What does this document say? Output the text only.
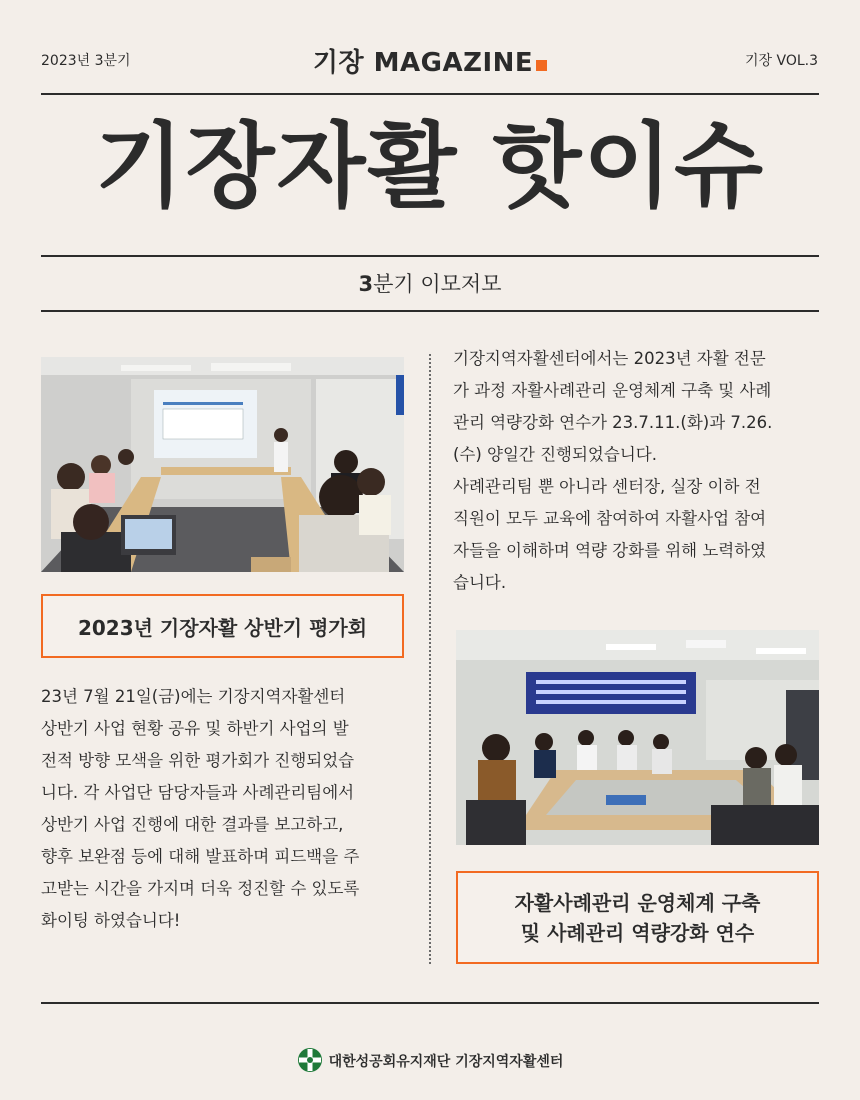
2023년 3분기	기장 MAGAZINE	기장 VOL.3
기장자활 핫이슈
3분기 이모저모
2023년 기장자활 상반기 평가회
23년 7월 21일(금)에는 기장지역자활센터
상반기 사업 현황 공유 및 하반기 사업의 발
전적 방향 모색을 위한 평가회가 진행되었습
니다. 각 사업단 담당자들과 사례관리팀에서
상반기 사업 진행에 대한 결과를 보고하고,
향후 보완점 등에 대해 발표하며 피드백을 주
고받는 시간을 가지며 더욱 정진할 수 있도록
화이팅 하였습니다!
기장지역자활센터에서는 2023년 자활 전문
가 과정 자활사례관리 운영체계 구축 및 사례
관리 역량강화 연수가 23.7.11.(화)과 7.26.
(수) 양일간 진행되었습니다.
사례관리팀 뿐 아니라 센터장, 실장 이하 전
직원이 모두 교육에 참여하여 자활사업 참여
자들을 이해하며 역량 강화를 위해 노력하였
습니다.
자활사례관리 운영체계 구축
및 사례관리 역량강화 연수
대한성공회유지재단 기장지역자활센터
